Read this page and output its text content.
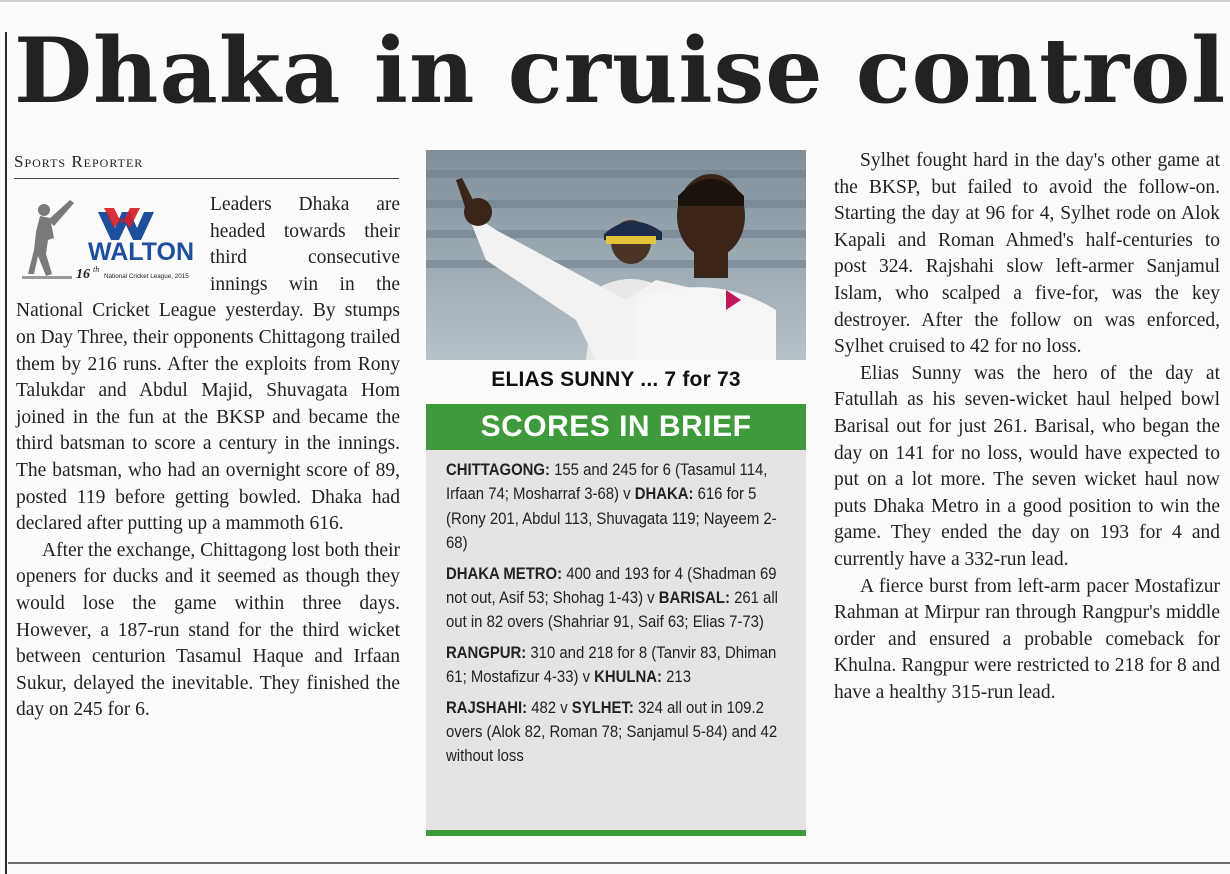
Dhaka in cruise control
Sports Reporter

Leaders Dhaka are headed towards their third consecutive innings win in the National Cricket League yesterday. By stumps on Day Three, their opponents Chittagong trailed them by 216 runs. After the exploits from Rony Talukdar and Abdul Majid, Shuvagata Hom joined in the fun at the BKSP and became the third batsman to score a century in the innings. The batsman, who had an overnight score of 89, posted 119 before getting bowled. Dhaka had declared after putting up a mammoth 616.

After the exchange, Chittagong lost both their openers for ducks and it seemed as though they would lose the game within three days. However, a 187-run stand for the third wicket between centurion Tasamul Haque and Irfaan Sukur, delayed the inevitable. They finished the day on 245 for 6.

WALTON
16 th
National Cricket League, 2015
ELIAS SUNNY ... 7 for 73
SCORES IN BRIEF
CHITTAGONG: 155 and 245 for 6 (Tasamul 114, Irfaan 74; Mosharraf 3-68) v DHAKA: 616 for 5 (Rony 201, Abdul 113, Shuvagata 119; Nayeem 2-68)
DHAKA METRO: 400 and 193 for 4 (Shadman 69 not out, Asif 53; Shohag 1-43) v BARISAL: 261 all out in 82 overs (Shahriar 91, Saif 63; Elias 7-73)
RANGPUR: 310 and 218 for 8 (Tanvir 83, Dhiman 61; Mostafizur 4-33) v KHULNA: 213
RAJSHAHI: 482 v SYLHET: 324 all out in 109.2 overs (Alok 82, Roman 78; Sanjamul 5-84) and 42 without loss

Sylhet fought hard in the day's other game at the BKSP, but failed to avoid the follow-on. Starting the day at 96 for 4, Sylhet rode on Alok Kapali and Roman Ahmed's half-centuries to post 324. Rajshahi slow left-armer Sanjamul Islam, who scalped a five-for, was the key destroyer. After the follow on was enforced, Sylhet cruised to 42 for no loss.

Elias Sunny was the hero of the day at Fatullah as his seven-wicket haul helped bowl Barisal out for just 261. Barisal, who began the day on 141 for no loss, would have expected to put on a lot more. The seven wicket haul now puts Dhaka Metro in a good position to win the game. They ended the day on 193 for 4 and currently have a 332-run lead.

A fierce burst from left-arm pacer Mostafizur Rahman at Mirpur ran through Rangpur's middle order and ensured a probable comeback for Khulna. Rangpur were restricted to 218 for 8 and have a healthy 315-run lead.
